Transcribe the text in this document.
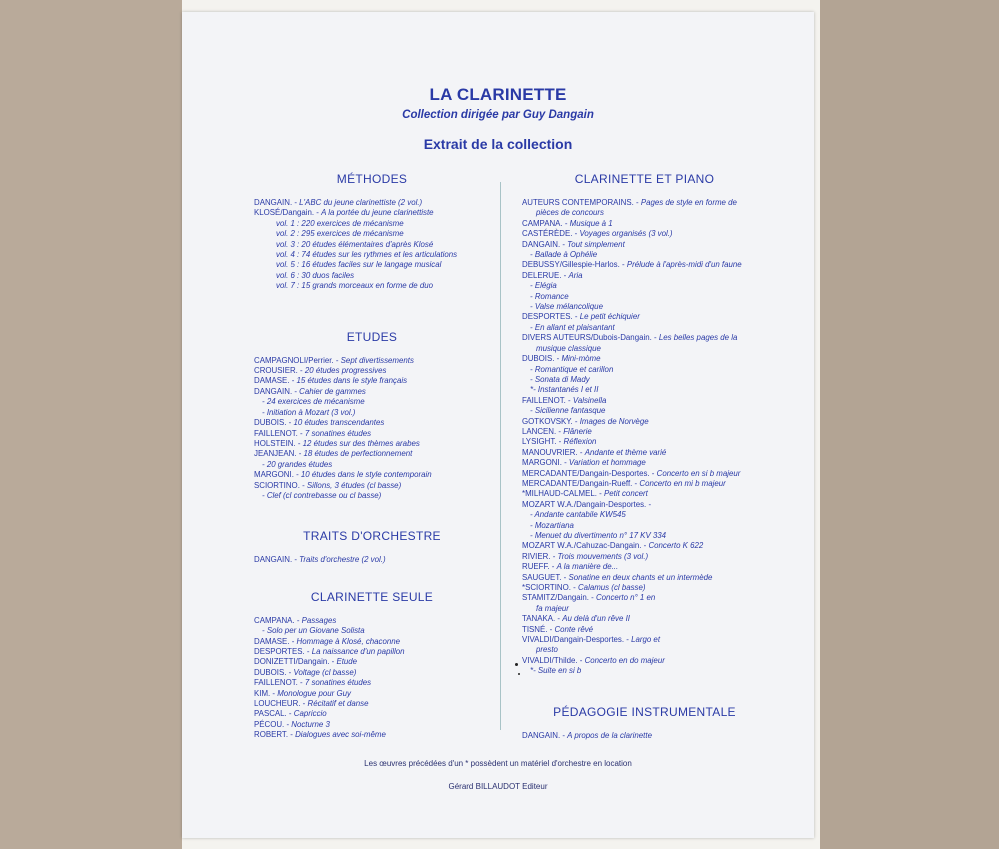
LA CLARINETTE
Collection dirigée par Guy Dangain
Extrait de la collection
MÉTHODES
DANGAIN. - L'ABC du jeune clarinettiste (2 vol.)
KLOSÉ/Dangain. - A la portée du jeune clarinettiste
vol. 1 : 220 exercices de mécanisme
vol. 2 : 295 exercices de mécanisme
vol. 3 : 20 études élémentaires d'après Klosé
vol. 4 : 74 études sur les rythmes et les articulations
vol. 5 : 16 études faciles sur le langage musical
vol. 6 : 30 duos faciles
vol. 7 : 15 grands morceaux en forme de duo
ETUDES
CAMPAGNOLI/Perrier. - Sept divertissements
CROUSIER. - 20 études progressives
DAMASE. - 15 études dans le style français
DANGAIN. - Cahier de gammes
- 24 exercices de mécanisme
- Initiation à Mozart (3 vol.)
DUBOIS. - 10 études transcendantes
FAILLENOT. - 7 sonatines études
HOLSTEIN. - 12 études sur des thèmes arabes
JEANJEAN. - 18 études de perfectionnement
- 20 grandes études
MARGONI. - 10 études dans le style contemporain
SCIORTINO. - Sillons, 3 études (cl basse)
- Clef (cl contrebasse ou cl basse)
TRAITS D'ORCHESTRE
DANGAIN. - Traits d'orchestre (2 vol.)
CLARINETTE SEULE
CAMPANA. - Passages
- Solo per un Giovane Solista
DAMASE. - Hommage à Klosé, chaconne
DESPORTES. - La naissance d'un papillon
DONIZETTI/Dangain. - Etude
DUBOIS. - Voltage (cl basse)
FAILLENOT. - 7 sonatines études
KIM. - Monologue pour Guy
LOUCHEUR. - Récitatif et danse
PASCAL. - Capriccio
PÉCOU. - Nocturne 3
ROBERT. - Dialogues avec soi-même
CLARINETTE ET PIANO
AUTEURS CONTEMPORAINS. - Pages de style en forme de
pièces de concours
CAMPANA. - Musique à 1
CASTÉRÈDE. - Voyages organisés (3 vol.)
DANGAIN. - Tout simplement
- Ballade à Ophélie
DEBUSSY/Gillespie-Harlos. - Prélude à l'après-midi d'un faune
DELERUE. - Aria
- Elégia
- Romance
- Valse mélancolique
DESPORTES. - Le petit échiquier
- En allant et plaisantant
DIVERS AUTEURS/Dubois-Dangain. - Les belles pages de la
musique classique
DUBOIS. - Mini-mòme
- Romantique et carillon
- Sonata di Mady
*- Instantanés I et II
FAILLENOT. - Valsinella
- Sicilienne fantasque
GOTKOVSKY. - Images de Norvège
LANCEN. - Flânerie
LYSIGHT. - Réflexion
MANOUVRIER. - Andante et thème varié
MARGONI. - Variation et hommage
MERCADANTE/Dangain-Desportes. - Concerto en si b majeur
MERCADANTE/Dangain-Rueff. - Concerto en mi b majeur
*MILHAUD-CALMEL. - Petit concert
MOZART W.A./Dangain-Desportes. -
- Andante cantabile KW545
- Mozartiana
- Menuet du divertimento n° 17 KV 334
MOZART W.A./Cahuzac-Dangain. - Concerto K 622
RIVIER. - Trois mouvements (3 vol.)
RUEFF. - A la manière de...
SAUGUET. - Sonatine en deux chants et un intermède
*SCIORTINO. - Calamus (cl basse)
STAMITZ/Dangain. - Concerto n° 1 en
fa majeur
TANAKA. - Au delà d'un rêve II
TISNÉ. - Conte rêvé
VIVALDI/Dangain-Desportes. - Largo et
presto
VIVALDI/Thilde. - Concerto en do majeur
*- Suite en si b
PÉDAGOGIE INSTRUMENTALE
DANGAIN. - A propos de la clarinette
Les œuvres précédées d'un * possèdent un matériel d'orchestre en location
Gérard BILLAUDOT Editeur
